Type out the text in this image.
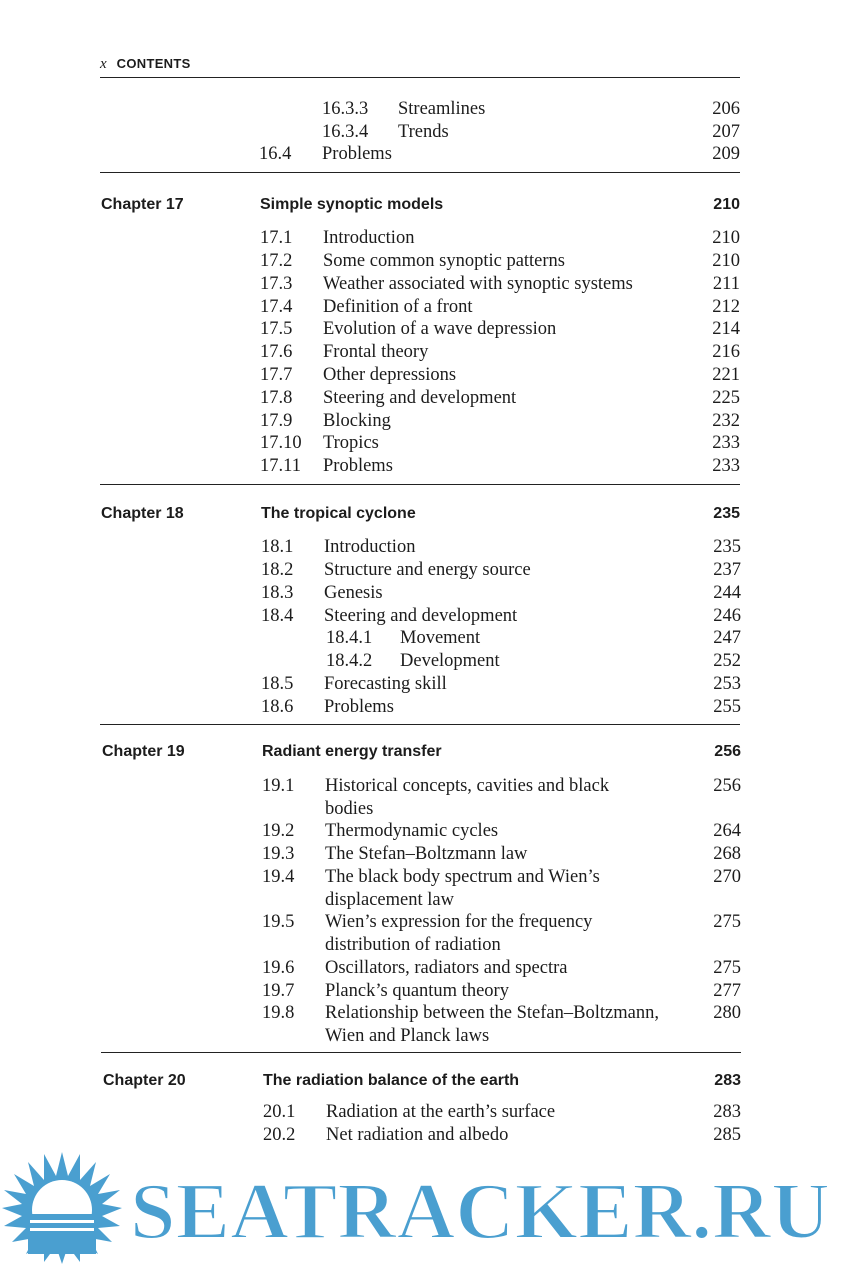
x CONTENTS
16.3.3 Streamlines	206
16.3.4 Trends	207
16.4 Problems	209
Chapter 17	Simple synoptic models	210
17.1 Introduction	210
17.2 Some common synoptic patterns	210
17.3 Weather associated with synoptic systems	211
17.4 Definition of a front	212
17.5 Evolution of a wave depression	214
17.6 Frontal theory	216
17.7 Other depressions	221
17.8 Steering and development	225
17.9 Blocking	232
17.10 Tropics	233
17.11 Problems	233
Chapter 18	The tropical cyclone	235
18.1 Introduction	235
18.2 Structure and energy source	237
18.3 Genesis	244
18.4 Steering and development	246
18.4.1 Movement	247
18.4.2 Development	252
18.5 Forecasting skill	253
18.6 Problems	255
Chapter 19	Radiant energy transfer	256
19.1 Historical concepts, cavities and black	256
bodies
19.2 Thermodynamic cycles	264
19.3 The Stefan–Boltzmann law	268
19.4 The black body spectrum and Wien’s	270
displacement law
19.5 Wien’s expression for the frequency	275
distribution of radiation
19.6 Oscillators, radiators and spectra	275
19.7 Planck’s quantum theory	277
19.8 Relationship between the Stefan–Boltzmann,	280
Wien and Planck laws
Chapter 20	The radiation balance of the earth	283
20.1 Radiation at the earth’s surface	283
20.2 Net radiation and albedo	285
SEATRACKER.RU
